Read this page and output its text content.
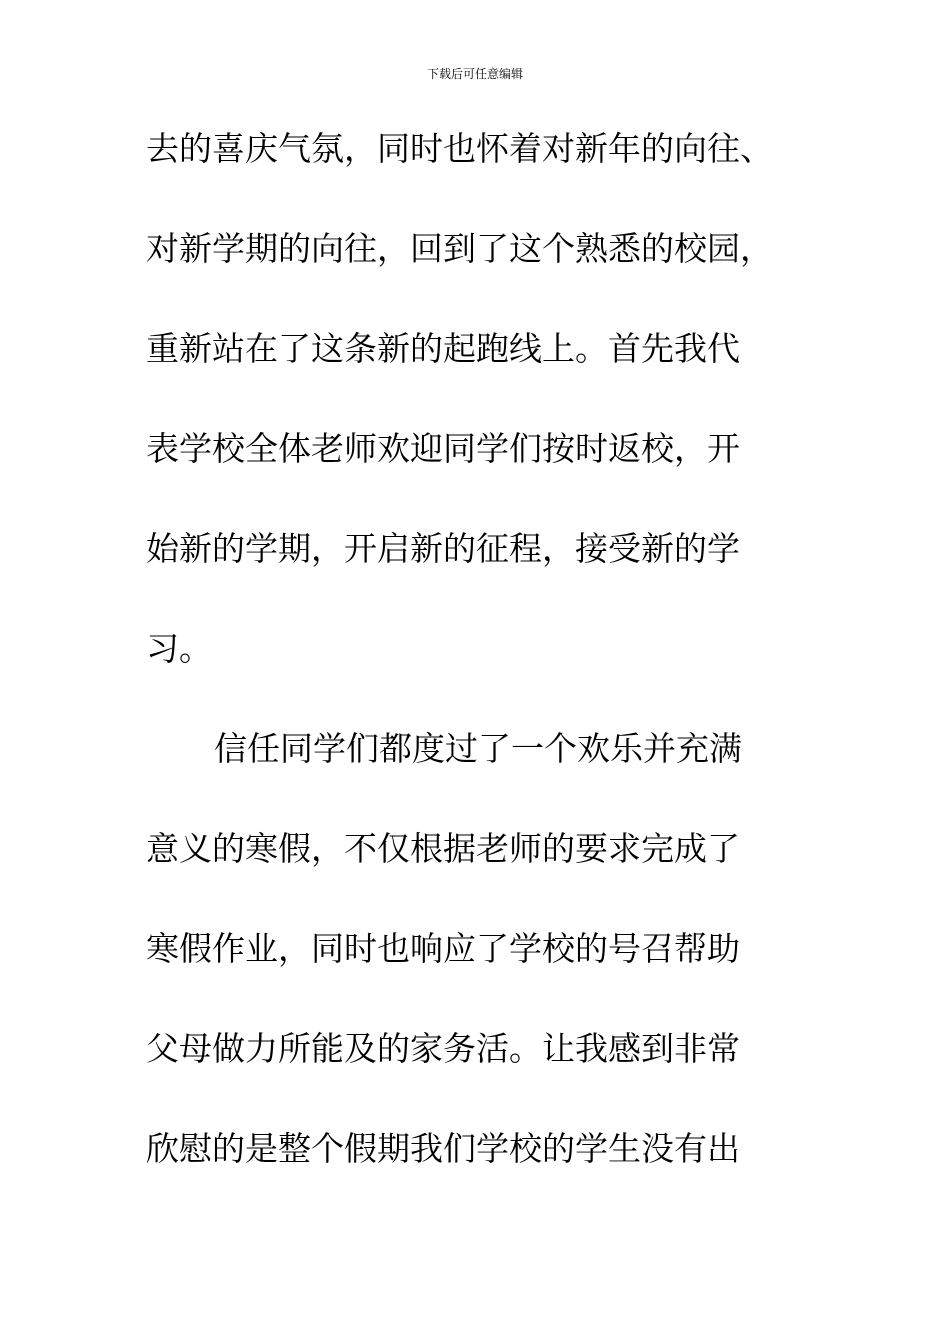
下载后可任意编辑
去的喜庆气氛，同时也怀着对新年的向往、
对新学期的向往，回到了这个熟悉的校园，
重新站在了这条新的起跑线上。首先我代
表学校全体老师欢迎同学们按时返校，开
始新的学期，开启新的征程，接受新的学
习。
信任同学们都度过了一个欢乐并充满
意义的寒假，不仅根据老师的要求完成了
寒假作业，同时也响应了学校的号召帮助
父母做力所能及的家务活。让我感到非常
欣慰的是整个假期我们学校的学生没有出
